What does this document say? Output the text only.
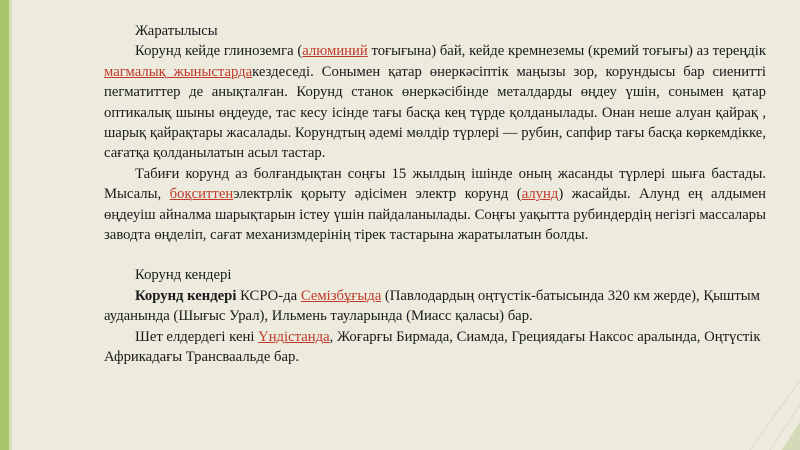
Жаратылысы

Корунд кейде глиноземга (алюминий тоғығына) бай, кейде кремнеземы (кремий тоғығы) аз тереңдік магмалық жыныстардакездеседі. Сонымен қатар өнеркәсіптік маңызы зор, корундысы бар сиенитті пегматиттер де анықталған. Корунд станок өнеркәсібінде металдарды өңдеу үшін, сонымен қатар оптикалық шыны өңдеуде, тас кесу ісінде тағы басқа кең түрде қолданылады. Онан неше алуан қайрақ , шарық қайрақтары жасалады. Корундтың әдемі мөлдір түрлері — рубин, сапфир тағы басқа көркемдікке, сағатқа қолданылатын асыл тастар.

Табиғи корунд аз болғандықтан соңғы 15 жылдың ішінде оның жасанды түрлері шыға бастады. Мысалы, боқситтенэлектрлік қорыту әдісімен электр корунд (алунд) жасайды. Алунд ең алдымен өңдеуіш айналма шарықтарын істеу үшін пайдаланылады. Соңғы уақытта рубиндердің негізгі массалары заводта өңделіп, сағат механизмдерінің тірек тастарына жаратылатын болды.

Корунд кендері

Корунд кендері КСРО-да Семізбұғыда (Павлодардың оңтүстік-батысында 320 км жерде), Қыштым ауданында (Шығыс Урал), Ильмень тауларында (Миасс қаласы) бар.

Шет елдердегі кені Үндістанда, Жоғарғы Бирмада, Сиамда, Грециядағы Наксос аралында, Оңтүстік Африкадағы Трансваальде бар.
